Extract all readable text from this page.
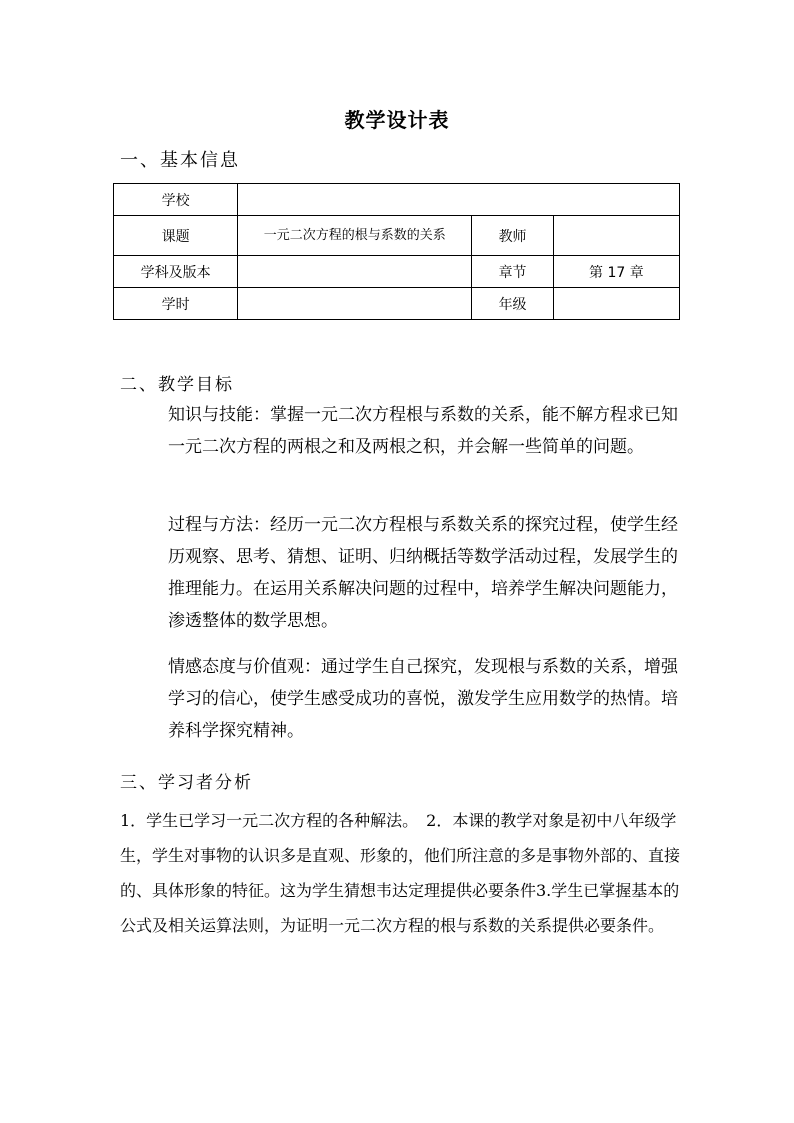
教学设计表
一、基本信息
学校			
课题	一元二次方程的根与系数的关系	教师	
学科及版本		章节	第 17 章
学时		年级	
二、教学目标
知识与技能：掌握一元二次方程根与系数的关系，能不解方程求已知一元二次方程的两根之和及两根之积，并会解一些简单的问题。
过程与方法：经历一元二次方程根与系数关系的探究过程，使学生经历观察、思考、猜想、证明、归纳概括等数学活动过程，发展学生的推理能力。在运用关系解决问题的过程中，培养学生解决问题能力，渗透整体的数学思想。
情感态度与价值观：通过学生自己探究，发现根与系数的关系，增强学习的信心，使学生感受成功的喜悦，激发学生应用数学的热情。培养科学探究精神。
三、学习者分析
1．学生已学习一元二次方程的各种解法。　2．本课的教学对象是初中八年级学生，学生对事物的认识多是直观、形象的，他们所注意的多是事物外部的、直接的、具体形象的特征。这为学生猜想韦达定理提供必要条件3.学生已掌握基本的公式及相关运算法则，为证明一元二次方程的根与系数的关系提供必要条件。
